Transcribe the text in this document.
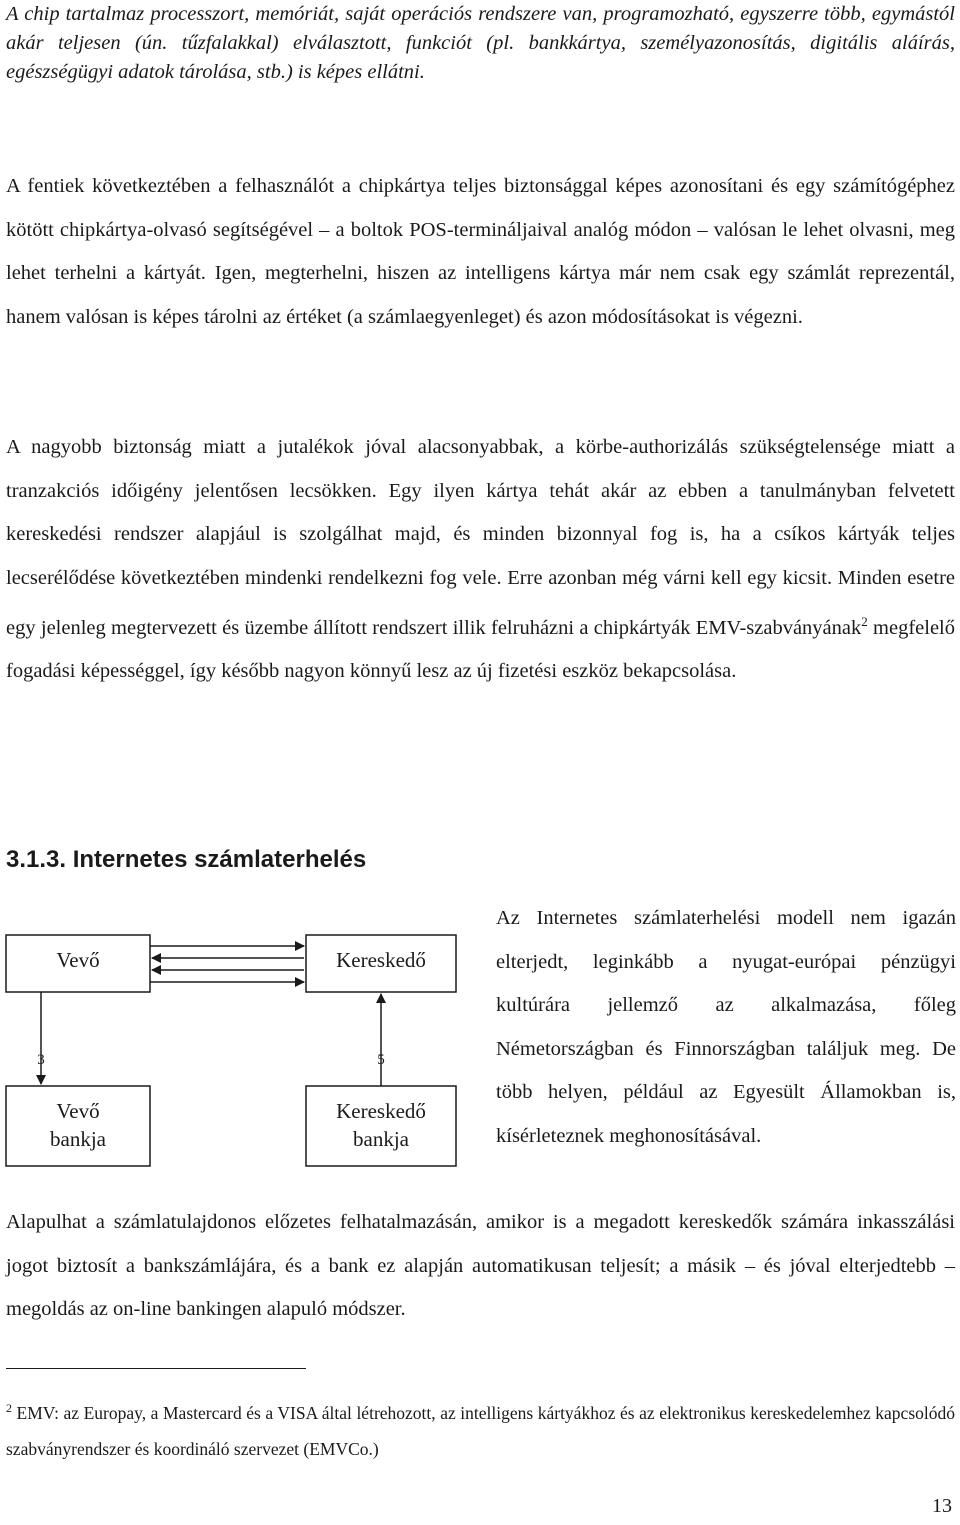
A chip tartalmaz processzort, memóriát, saját operációs rendszere van, programozható, egyszerre több, egymástól akár teljesen (ún. tűzfalakkal) elválasztott, funkciót (pl. bankkártya, személyazonosítás, digitális aláírás, egészségügyi adatok tárolása, stb.) is képes ellátni.

A fentiek következtében a felhasználót a chipkártya teljes biztonsággal képes azonosítani és egy számítógéphez kötött chipkártya-olvasó segítségével – a boltok POS-termináljaival analóg módon – valósan le lehet olvasni, meg lehet terhelni a kártyát. Igen, megterhelni, hiszen az intelligens kártya már nem csak egy számlát reprezentál, hanem valósan is képes tárolni az értéket (a számlaegyenleget) és azon módosításokat is végezni.

A nagyobb biztonság miatt a jutalékok jóval alacsonyabbak, a körbe-authorizálás szükségtelensége miatt a tranzakciós időigény jelentősen lecsökken. Egy ilyen kártya tehát akár az ebben a tanulmányban felvetett kereskedési rendszer alapjául is szolgálhat majd, és minden bizonnyal fog is, ha a csíkos kártyák teljes lecserélődése következtében mindenki rendelkezni fog vele. Erre azonban még várni kell egy kicsit. Minden esetre egy jelenleg megtervezett és üzembe állított rendszert illik felruházni a chipkártyák EMV-szabványának$^2$ megfelelő fogadási képességgel, így később nagyon könnyű lesz az új fizetési eszköz bekapcsolása.

3.1.3. Internetes számlaterhelés
Vevő	Kereskedő
Vevő
bankja
Kereskedő
bankja
3	5

Az Internetes számlaterhelési modell nem igazán elterjedt, leginkább a nyugat-európai pénzügyi kultúrára jellemző az alkalmazása, főleg Németországban és Finnországban találjuk meg. De több helyen, például az Egyesült Államokban is, kísérleteznek meghonosításával.

Alapulhat a számlatulajdonos előzetes felhatalmazásán, amikor is a megadott kereskedők számára inkasszálási jogot biztosít a bankszámlájára, és a bank ez alapján automatikusan teljesít; a másik – és jóval elterjedtebb – megoldás az on-line bankingen alapuló módszer.

$^2$ EMV: az Europay, a Mastercard és a VISA által létrehozott, az intelligens kártyákhoz és az elektronikus kereskedelemhez kapcsolódó szabványrendszer és koordináló szervezet (EMVCo.)

13
